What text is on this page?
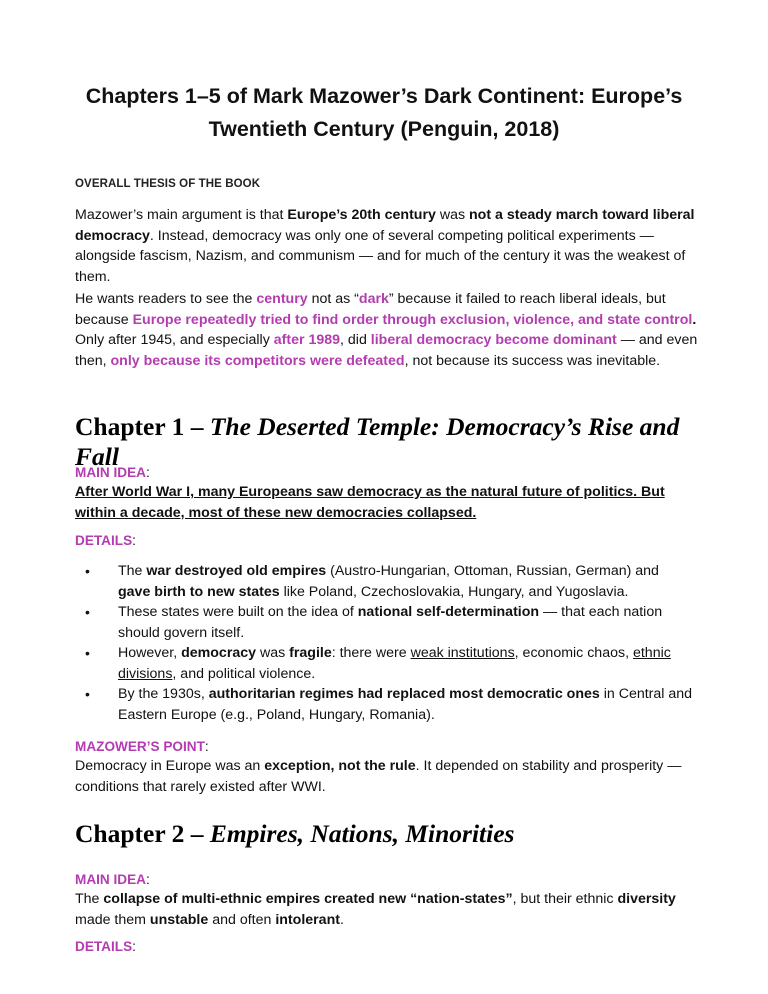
Chapters 1–5 of Mark Mazower’s Dark Continent: Europe’s
Twentieth Century (Penguin, 2018)
OVERALL THESIS OF THE BOOK
Mazower’s main argument is that Europe’s 20th century was not a steady march toward liberal democracy. Instead, democracy was only one of several competing political experiments — alongside fascism, Nazism, and communism — and for much of the century it was the weakest of them.
He wants readers to see the century not as “dark” because it failed to reach liberal ideals, but because Europe repeatedly tried to find order through exclusion, violence, and state control. Only after 1945, and especially after 1989, did liberal democracy become dominant — and even then, only because its competitors were defeated, not because its success was inevitable.
Chapter 1 – The Deserted Temple: Democracy’s Rise and Fall
MAIN IDEA:
After World War I, many Europeans saw democracy as the natural future of politics. But within a decade, most of these new democracies collapsed.
DETAILS:
•	The war destroyed old empires (Austro-Hungarian, Ottoman, Russian, German) and gave birth to new states like Poland, Czechoslovakia, Hungary, and Yugoslavia.
•	These states were built on the idea of national self-determination — that each nation should govern itself.
•	However, democracy was fragile: there were weak institutions, economic chaos, ethnic divisions, and political violence.
•	By the 1930s, authoritarian regimes had replaced most democratic ones in Central and Eastern Europe (e.g., Poland, Hungary, Romania).
MAZOWER’S POINT:
Democracy in Europe was an exception, not the rule. It depended on stability and prosperity — conditions that rarely existed after WWI.
Chapter 2 – Empires, Nations, Minorities
MAIN IDEA:
The collapse of multi-ethnic empires created new “nation-states”, but their ethnic diversity made them unstable and often intolerant.
DETAILS:
